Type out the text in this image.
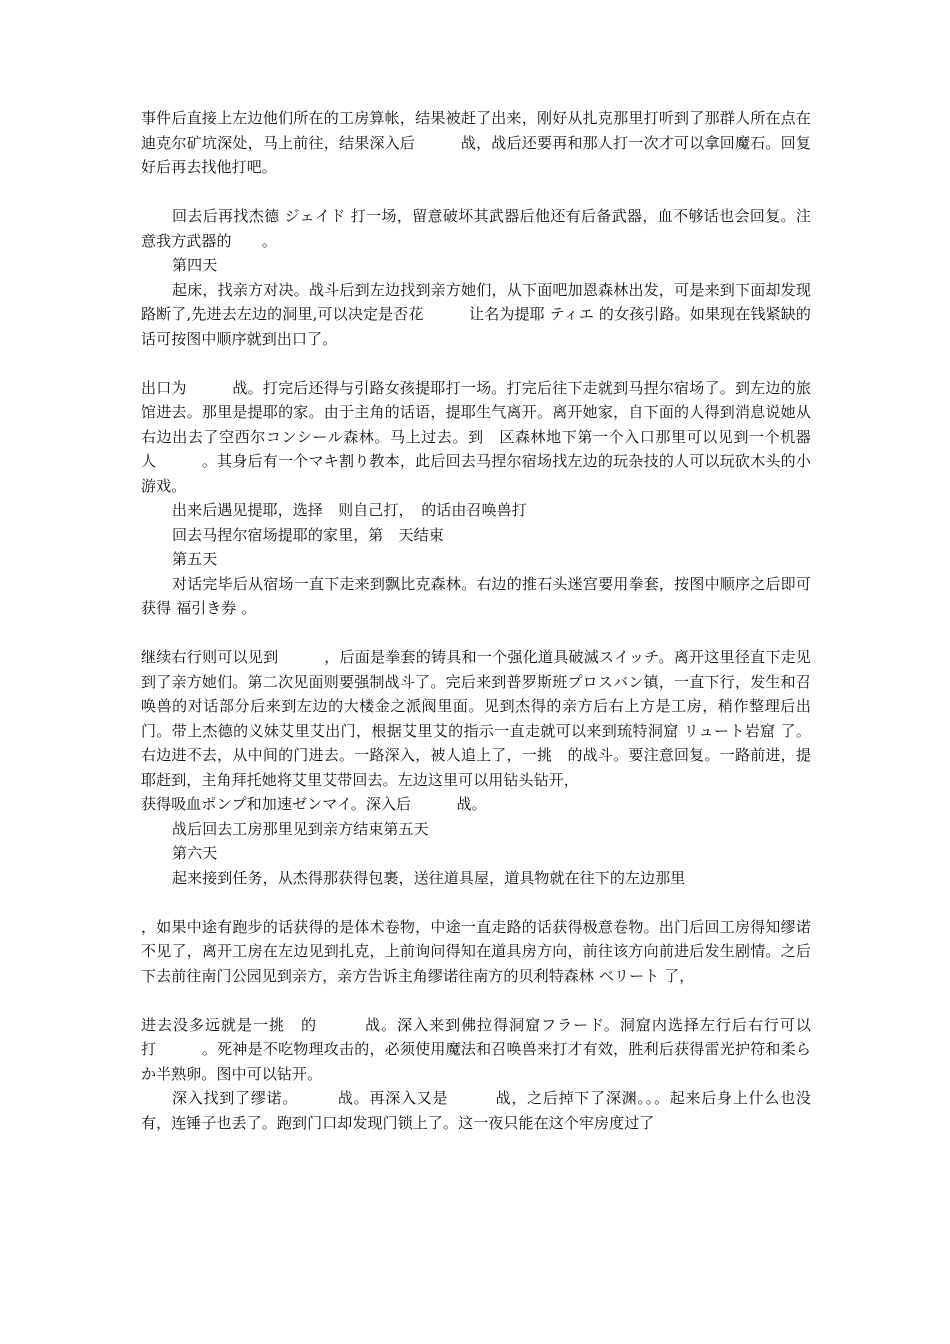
事件后直接上左边他们所在的工房算帐，结果被赶了出来，刚好从扎克那里打听到了那群人所在点在迪克尔矿坑深处，马上前往，结果深入后　　　战，战后还要再和那人打一次才可以拿回魔石。回复好后再去找他打吧。

回去后再找杰德 ジェイド 打一场，留意破坏其武器后他还有后备武器，血不够话也会回复。注意我方武器的　　。

第四天

起床，找亲方对决。战斗后到左边找到亲方她们，从下面吧加恩森林出发，可是来到下面却发现路断了,先进去左边的洞里,可以决定是否花　　　让名为提耶 ティエ 的女孩引路。如果现在钱紧缺的话可按图中顺序就到出口了。

出口为　　　战。打完后还得与引路女孩提耶打一场。打完后往下走就到马捏尔宿场了。到左边的旅馆进去。那里是提耶的家。由于主角的话语，提耶生气离开。离开她家，自下面的人得到消息说她从右边出去了空西尔コンシール森林。马上过去。到　区森林地下第一个入口那里可以见到一个机器人　　　。其身后有一个マキ割り教本，此后回去马捏尔宿场找左边的玩杂技的人可以玩砍木头的小游戏。

出来后遇见提耶，选择　则自己打，　的话由召唤兽打

回去马捏尔宿场提耶的家里，第　天结束

第五天

对话完毕后从宿场一直下走来到飘比克森林。右边的推石头迷宫要用拳套，按图中顺序之后即可获得 福引き券 。

继续右行则可以见到　　　，后面是拳套的铸具和一个强化道具破滅スイッチ。离开这里径直下走见到了亲方她们。第二次见面则要强制战斗了。完后来到普罗斯班プロスバン镇，一直下行，发生和召唤兽的对话部分后来到左边的大楼金之派阀里面。见到杰得的亲方后右上方是工房，稍作整理后出门。带上杰德的义妹艾里艾出门，根据艾里艾的指示一直走就可以来到琉特洞窟 リュート岩窟 了。右边进不去，从中间的门进去。一路深入，被人追上了，一挑　的战斗。要注意回复。一路前进，提耶赶到，主角拜托她将艾里艾带回去。左边这里可以用钻头钻开，

获得吸血ポンプ和加速ゼンマイ。深入后　　　战。

战后回去工房那里见到亲方结束第五天

第六天

起来接到任务，从杰得那获得包裹，送往道具屋，道具物就在往下的左边那里

，如果中途有跑步的话获得的是体术卷物，中途一直走路的话获得极意卷物。出门后回工房得知缪诺不见了，离开工房在左边见到扎克，上前询问得知在道具房方向，前往该方向前进后发生剧情。之后下去前往南门公园见到亲方，亲方告诉主角缪诺往南方的贝利特森林 ベリート 了，

进去没多远就是一挑　的　　　战。深入来到佛拉得洞窟フラード。洞窟内选择左行后右行可以打　　　。死神是不吃物理攻击的，必须使用魔法和召唤兽来打才有效，胜利后获得雷光护符和柔らか半熟卵。图中可以钻开。

深入找到了缪诺。　　　战。再深入又是　　　战，之后掉下了深渊。。。起来后身上什么也没有，连锤子也丢了。跑到门口却发现门锁上了。这一夜只能在这个牢房度过了
